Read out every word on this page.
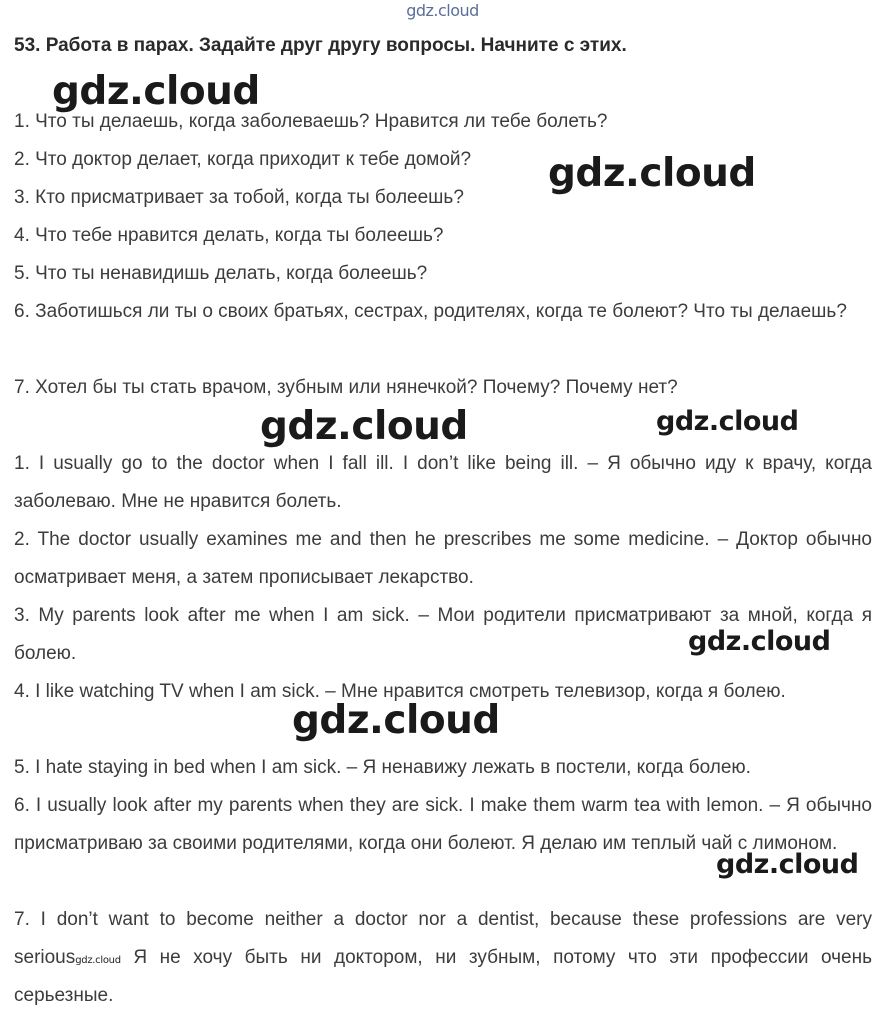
gdz.cloud
53. Работа в парах. Задайте друг другу вопросы. Начните с этих.
1. Что ты делаешь, когда заболеваешь? Нравится ли тебе болеть?
2. Что доктор делает, когда приходит к тебе домой?
3. Кто присматривает за тобой, когда ты болеешь?
4. Что тебе нравится делать, когда ты болеешь?
5. Что ты ненавидишь делать, когда болеешь?
6. Заботишься ли ты о своих братьях, сестрах, родителях, когда те болеют? Что ты делаешь?
7. Хотел бы ты стать врачом, зубным или нянечкой? Почему? Почему нет?
1. I usually go to the doctor when I fall ill. I don’t like being ill. – Я обычно иду к врачу, когда заболеваю. Мне не нравится болеть.
2. The doctor usually examines me and then he prescribes me some medicine. – Доктор обычно осматривает меня, а затем прописывает лекарство.
3. My parents look after me when I am sick. – Мои родители присматривают за мной, когда я болею.
4. I like watching TV when I am sick. – Мне нравится смотреть телевизор, когда я болею.
5. I hate staying in bed when I am sick. – Я ненавижу лежать в постели, когда болею.
6. I usually look after my parents when they are sick. I make them warm tea with lemon. – Я обычно присматриваю за своими родителями, когда они болеют. Я делаю им теплый чай с лимоном.
7. I don’t want to become neither a doctor nor a dentist, because these professions are very seriousgdz.cloud Я не хочу быть ни доктором, ни зубным, потому что эти профессии очень серьезные.
gdz.cloud
gdz.cloud
gdz.cloud	gdz.cloud
gdz.cloud
gdz.cloud
gdz.cloud
